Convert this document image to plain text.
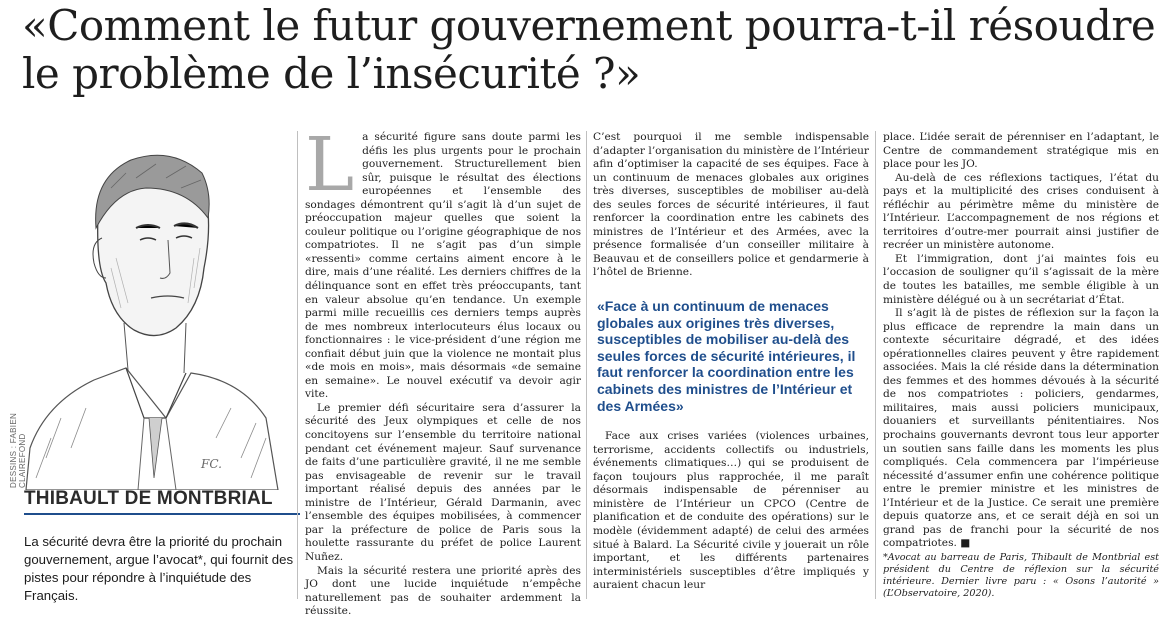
«Comment le futur gouvernement pourra-t-il résoudre le problème de l’insécurité ?»
FC.
DESSINS : FABIEN CLAIREFOND
THIBAULT DE MONTBRIAL

La sécurité devra être la priorité du prochain gouvernement, argue l’avocat*, qui fournit des pistes pour répondre à l’inquiétude des Français.

La sécurité figure sans doute parmi les défis les plus urgents pour le prochain gouvernement. Structurellement bien sûr, puisque le résultat des élections européennes et l’ensemble des sondages démontrent qu’il s’agit là d’un sujet de préoccupation majeur quelles que soient la couleur politique ou l’origine géographique de nos compatriotes. Il ne s’agit pas d’un simple «ressenti» comme certains aiment encore à le dire, mais d’une réalité. Les derniers chiffres de la délinquance sont en effet très préoccupants, tant en valeur absolue qu’en tendance. Un exemple parmi mille recueillis ces derniers temps auprès de mes nombreux interlocuteurs élus locaux ou fonctionnaires : le vice-président d’une région me confiait début juin que la violence ne montait plus «de mois en mois», mais désormais «de semaine en semaine». Le nouvel exécutif va devoir agir vite.

Le premier défi sécuritaire sera d’assurer la sécurité des Jeux olympiques et celle de nos concitoyens sur l’ensemble du territoire national pendant cet événement majeur. Sauf survenance de faits d’une particulière gravité, il ne me semble pas envisageable de revenir sur le travail important réalisé depuis des années par le ministre de l’Intérieur, Gérald Darmanin, avec l’ensemble des équipes mobilisées, à commencer par la préfecture de police de Paris sous la houlette rassurante du préfet de police Laurent Nuñez.

Mais la sécurité restera une priorité après des JO dont une lucide inquiétude n’empêche naturellement pas de souhaiter ardemment la réussite.

C’est pourquoi il me semble indispensable d’adapter l’organisation du ministère de l’Intérieur afin d’optimiser la capacité de ses équipes. Face à un continuum de menaces globales aux origines très diverses, susceptibles de mobiliser au-delà des seules forces de sécurité intérieures, il faut renforcer la coordination entre les cabinets des ministres de l’Intérieur et des Armées, avec la présence formalisée d’un conseiller militaire à Beauvau et de conseillers police et gendarmerie à l’hôtel de Brienne.

«Face à un continuum de menaces globales aux origines très diverses, susceptibles de mobiliser au-delà des seules forces de sécurité intérieures, il faut renforcer la coordination entre les cabinets des ministres de l’Intérieur et des Armées»

Face aux crises variées (violences urbaines, terrorisme, accidents collectifs ou industriels, événements climatiques…) qui se produisent de façon toujours plus rapprochée, il me paraît désormais indispensable de pérenniser au ministère de l’Intérieur un CPCO (Centre de planification et de conduite des opérations) sur le modèle (évidemment adapté) de celui des armées situé à Balard. La Sécurité civile y jouerait un rôle important, et les différents partenaires interministériels susceptibles d’être impliqués y auraient chacun leur

place. L’idée serait de pérenniser en l’adaptant, le Centre de commandement stratégique mis en place pour les JO.

Au-delà de ces réflexions tactiques, l’état du pays et la multiplicité des crises conduisent à réfléchir au périmètre même du ministère de l’Intérieur. L’accompagnement de nos régions et territoires d’outre-mer pourrait ainsi justifier de recréer un ministère autonome.

Et l’immigration, dont j’ai maintes fois eu l’occasion de souligner qu’il s’agissait de la mère de toutes les batailles, me semble éligible à un ministère délégué ou à un secrétariat d’État.

Il s’agit là de pistes de réflexion sur la façon la plus efficace de reprendre la main dans un contexte sécuritaire dégradé, et des idées opérationnelles claires peuvent y être rapidement associées. Mais la clé réside dans la détermination des femmes et des hommes dévoués à la sécurité de nos compatriotes : policiers, gendarmes, militaires, mais aussi policiers municipaux, douaniers et surveillants pénitentiaires. Nos prochains gouvernants devront tous leur apporter un soutien sans faille dans les moments les plus compliqués. Cela commencera par l’impérieuse nécessité d’assumer enfin une cohérence politique entre le premier ministre et les ministres de l’Intérieur et de la Justice. Ce serait une première depuis quatorze ans, et ce serait déjà en soi un grand pas de franchi pour la sécurité de nos compatriotes. ■

*Avocat au barreau de Paris, Thibault de Montbrial est président du Centre de réflexion sur la sécurité intérieure. Dernier livre paru : « Osons l’autorité » (L’Observatoire, 2020).
